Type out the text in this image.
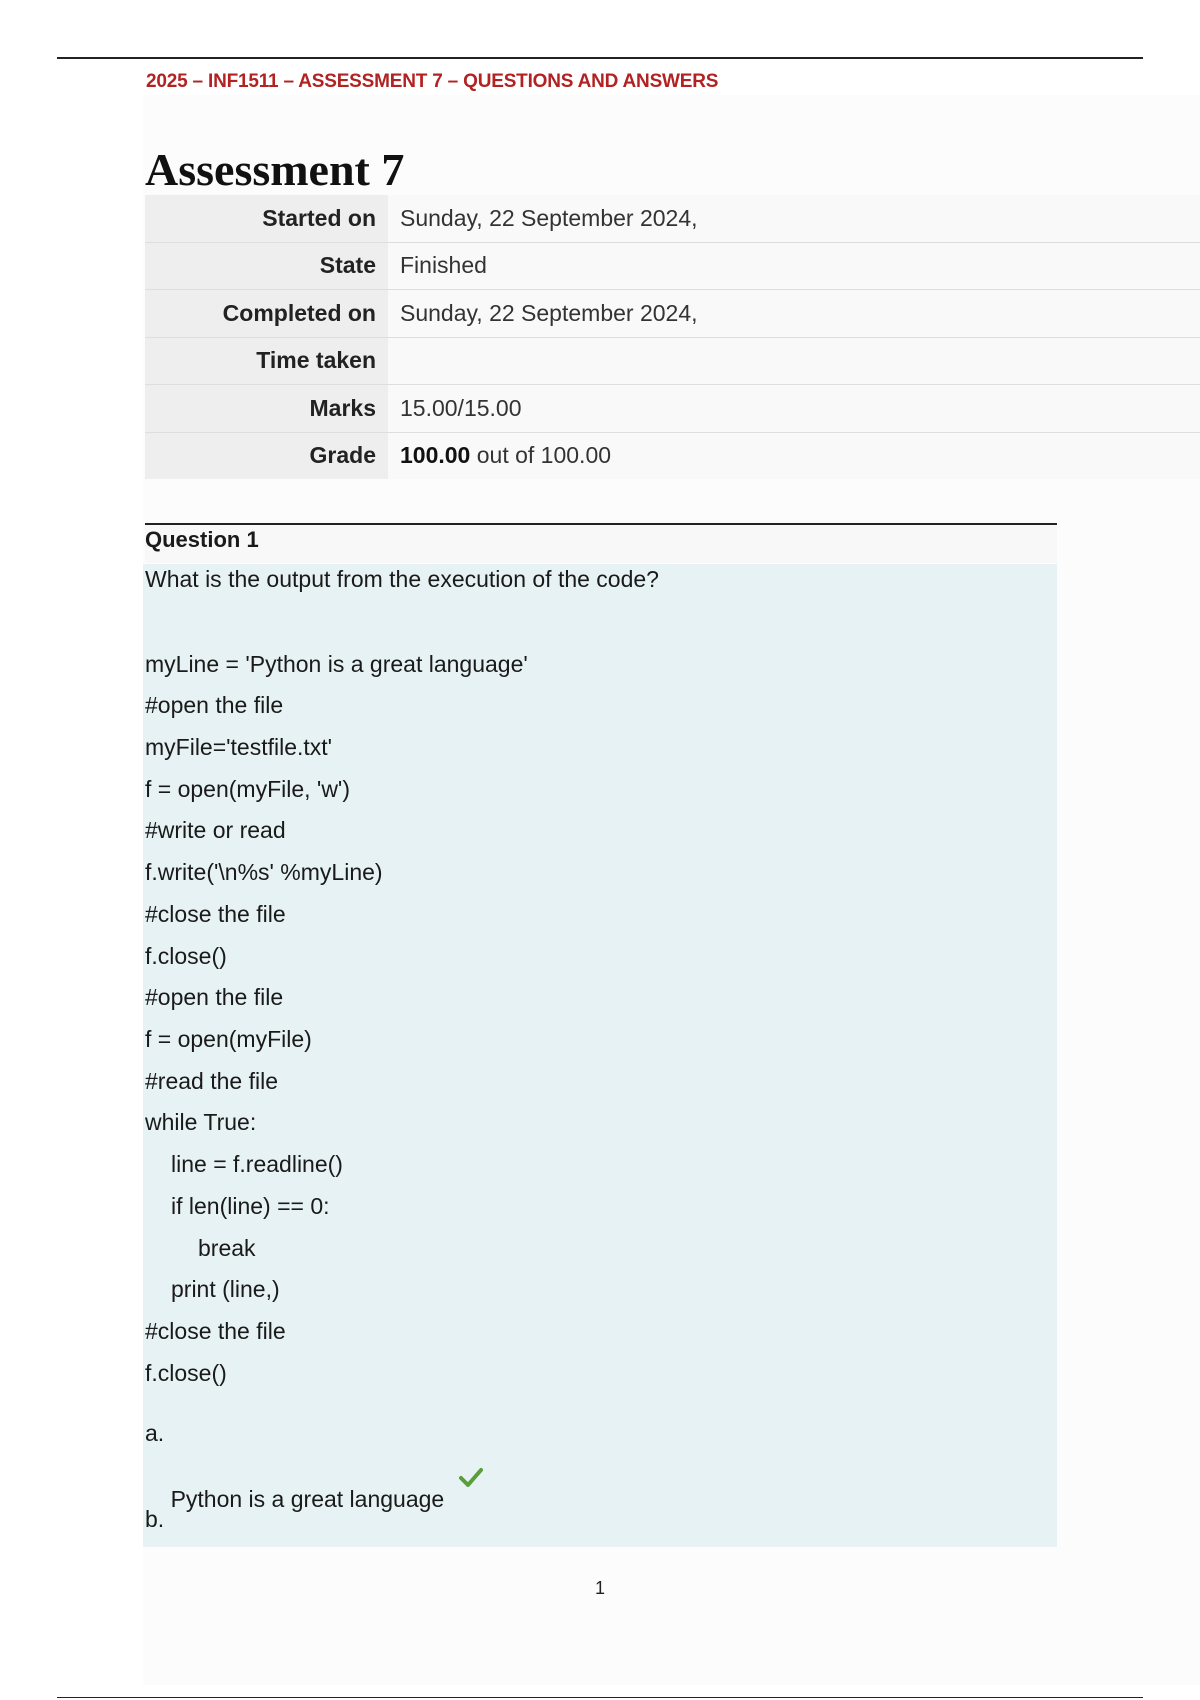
2025 – INF1511 – ASSESSMENT 7 – QUESTIONS AND ANSWERS
Assessment 7
Started on	Sunday, 22 September 2024,
State	Finished
Completed on	Sunday, 22 September 2024,
Time taken	
Marks	15.00/15.00
Grade	100.00 out of 100.00
Question 1
What is the output from the execution of the code?
myLine = 'Python is a great language'
#open the file
myFile='testfile.txt'
f = open(myFile, 'w')
#write or read
f.write('\n%s' %myLine)
#close the file
f.close()
#open the file
f = open(myFile)
#read the file
while True:
line = f.readline()
if len(line) == 0:
break
print (line,)
#close the file
f.close()
a.

Python is a great language

b.
1
